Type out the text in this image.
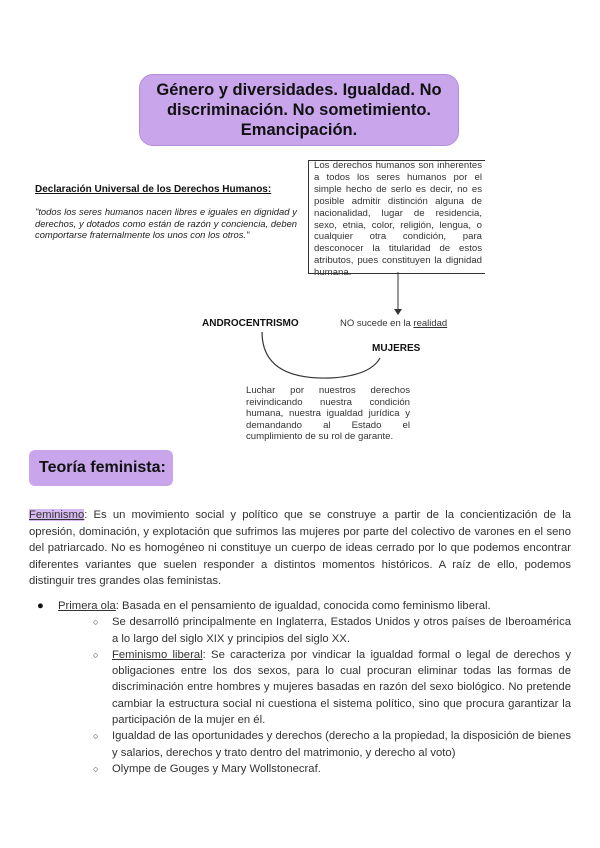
Género y diversidades. Igualdad. No discriminación. No sometimiento. Emancipación.
Declaración Universal de los Derechos Humanos:
"todos los seres humanos nacen libres e iguales en dignidad y derechos, y dotados como están de razón y conciencia, deben comportarse fraternalmente los unos con los otros."
Los derechos humanos son inherentes a todos los seres humanos por el simple hecho de serlo es decir, no es posible admitir distinción alguna de nacionalidad, lugar de residencia, sexo, etnia, color, religión, lengua, o cualquier otra condición, para desconocer la titularidad de estos atributos, pues constituyen la dignidad humana.
ANDROCENTRISMO	NO sucede en la realidad
MUJERES
Luchar por nuestros derechos reivindicando nuestra condición humana, nuestra igualdad jurídica y demandando al Estado el cumplimiento de su rol de garante.
Teoría feminista:
Feminismo: Es un movimiento social y político que se construye a partir de la concientización de la opresión, dominación, y explotación que sufrimos las mujeres por parte del colectivo de varones en el seno del patriarcado. No es homogéneo ni constituye un cuerpo de ideas cerrado por lo que podemos encontrar diferentes variantes que suelen responder a distintos momentos históricos. A raíz de ello, podemos distinguir tres grandes olas feministas.
● Primera ola: Basada en el pensamiento de igualdad, conocida como feminismo liberal.
○ Se desarrolló principalmente en Inglaterra, Estados Unidos y otros países de Iberoamérica a lo largo del siglo XIX y principios del siglo XX.
○ Feminismo liberal: Se caracteriza por vindicar la igualdad formal o legal de derechos y obligaciones entre los dos sexos, para lo cual procuran eliminar todas las formas de discriminación entre hombres y mujeres basadas en razón del sexo biológico. No pretende cambiar la estructura social ni cuestiona el sistema político, sino que procura garantizar la participación de la mujer en él.
○ Igualdad de las oportunidades y derechos (derecho a la propiedad, la disposición de bienes y salarios, derechos y trato dentro del matrimonio, y derecho al voto)
○ Olympe de Gouges y Mary Wollstonecraf.
